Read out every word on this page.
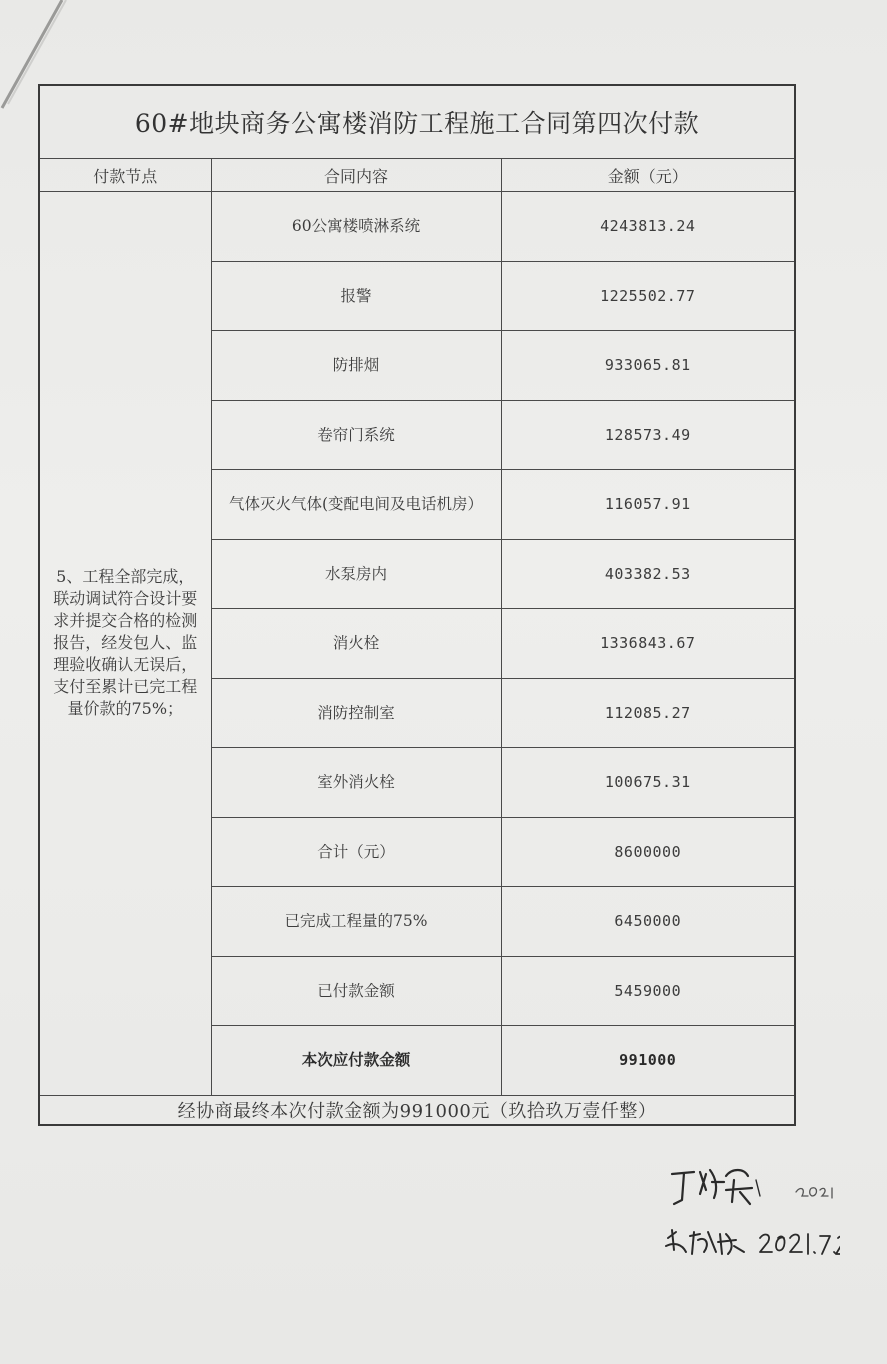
60#地块商务公寓楼消防工程施工合同第四次付款		
付款节点	合同内容	金额（元）
5、工程全部完成，联动调试符合设计要求并提交合格的检测报告，经发包人、监理验收确认无误后，支付至累计已完工程量价款的75%；	60公寓楼喷淋系统	4243813.24
	报警	1225502.77
	防排烟	933065.81
	卷帘门系统	128573.49
	气体灭火气体(变配电间及电话机房）	116057.91
	水泵房内	403382.53
	消火栓	1336843.67
	消防控制室	112085.27
	室外消火栓	100675.31
	合计（元）	8600000
	已完成工程量的75%	6450000
	已付款金额	5459000
	本次应付款金额	991000
经协商最终本次付款金额为991000元（玖拾玖万壹仟整）		
